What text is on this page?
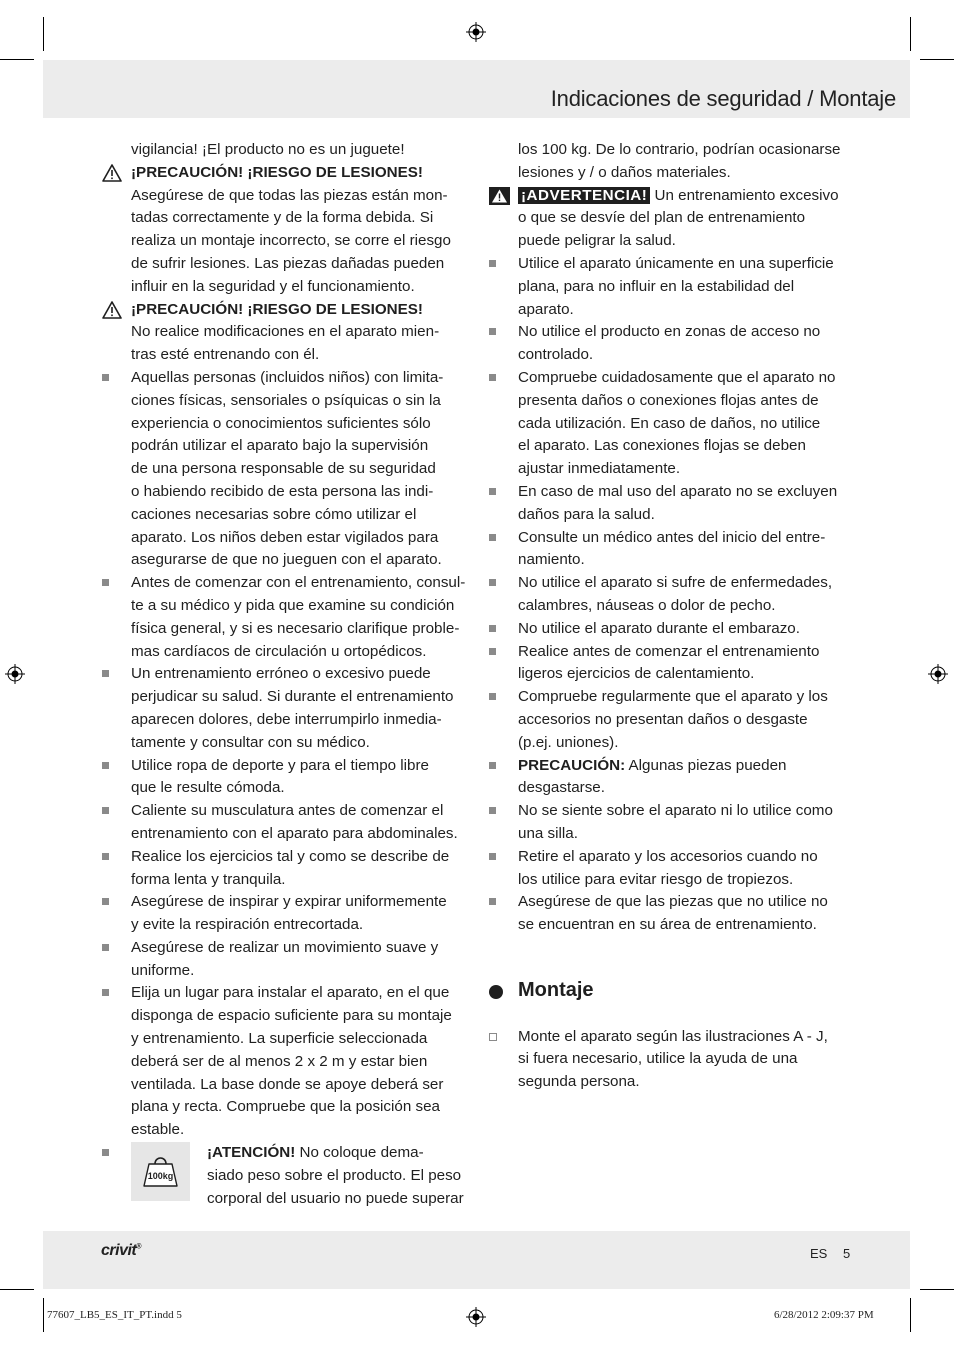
Indicaciones de seguridad / Montaje

vigilancia! ¡El producto no es un juguete!

¡PRECAUCIÓN! ¡RIESGO DE LESIONES!

Asegúrese de que todas las piezas están mon-

tadas correctamente y de la forma debida. Si

realiza un montaje incorrecto, se corre el riesgo

de sufrir lesiones. Las piezas dañadas pueden

influir en la seguridad y el funcionamiento.

¡PRECAUCIÓN! ¡RIESGO DE LESIONES!

No realice modificaciones en el aparato mien-

tras esté entrenando con él.

Aquellas personas (incluidos niños) con limita-

ciones físicas, sensoriales o psíquicas o sin la

experiencia o conocimientos suficientes sólo

podrán utilizar el aparato bajo la supervisión

de una persona responsable de su seguridad

o habiendo recibido de esta persona las indi-

caciones necesarias sobre cómo utilizar el

aparato. Los niños deben estar vigilados para

asegurarse de que no jueguen con el aparato.

Antes de comenzar con el entrenamiento, consul-

te a su médico y pida que examine su condición

física general, y si es necesario clarifique proble-

mas cardíacos de circulación u ortopédicos.

Un entrenamiento erróneo o excesivo puede

perjudicar su salud. Si durante el entrenamiento

aparecen dolores, debe interrumpirlo inmedia-

tamente y consultar con su médico.

Utilice ropa de deporte y para el tiempo libre

que le resulte cómoda.

Caliente su musculatura antes de comenzar el

entrenamiento con el aparato para abdominales.

Realice los ejercicios tal y como se describe de

forma lenta y tranquila.

Asegúrese de inspirar y expirar uniformemente

y evite la respiración entrecortada.

Asegúrese de realizar un movimiento suave y

uniforme.

Elija un lugar para instalar el aparato, en el que

disponga de espacio suficiente para su montaje

y entrenamiento. La superficie seleccionada

deberá ser de al menos 2 x 2 m y estar bien

ventilada. La base donde se apoye deberá ser

plana y recta. Compruebe que la posición sea

estable.

100kg

¡ATENCIÓN! No coloque dema-

siado peso sobre el producto. El peso

corporal del usuario no puede superar

los 100 kg. De lo contrario, podrían ocasionarse

lesiones y / o daños materiales.

¡ADVERTENCIA! Un entrenamiento excesivo

o que se desvíe del plan de entrenamiento

puede peligrar la salud.

Utilice el aparato únicamente en una superficie

plana, para no influir en la estabilidad del

aparato.

No utilice el producto en zonas de acceso no

controlado.

Compruebe cuidadosamente que el aparato no

presenta daños o conexiones flojas antes de

cada utilización. En caso de daños, no utilice

el aparato. Las conexiones flojas se deben

ajustar inmediatamente.

En caso de mal uso del aparato no se excluyen

daños para la salud.

Consulte un médico antes del inicio del entre-

namiento.

No utilice el aparato si sufre de enfermedades,

calambres, náuseas o dolor de pecho.

No utilice el aparato durante el embarazo.

Realice antes de comenzar el entrenamiento

ligeros ejercicios de calentamiento.

Compruebe regularmente que el aparato y los

accesorios no presentan daños o desgaste

(p.ej. uniones).

PRECAUCIÓN: Algunas piezas pueden

desgastarse.

No se siente sobre el aparato ni lo utilice como

una silla.

Retire el aparato y los accesorios cuando no

los utilice para evitar riesgo de tropiezos.

Asegúrese de que las piezas que no utilice no

se encuentran en su área de entrenamiento.

Montaje

Monte el aparato según las ilustraciones A - J,

si fuera necesario, utilice la ayuda de una

segunda persona.

crivit®	ES 5
77607_LB5_ES_IT_PT.indd 5	6/28/2012 2:09:37 PM
